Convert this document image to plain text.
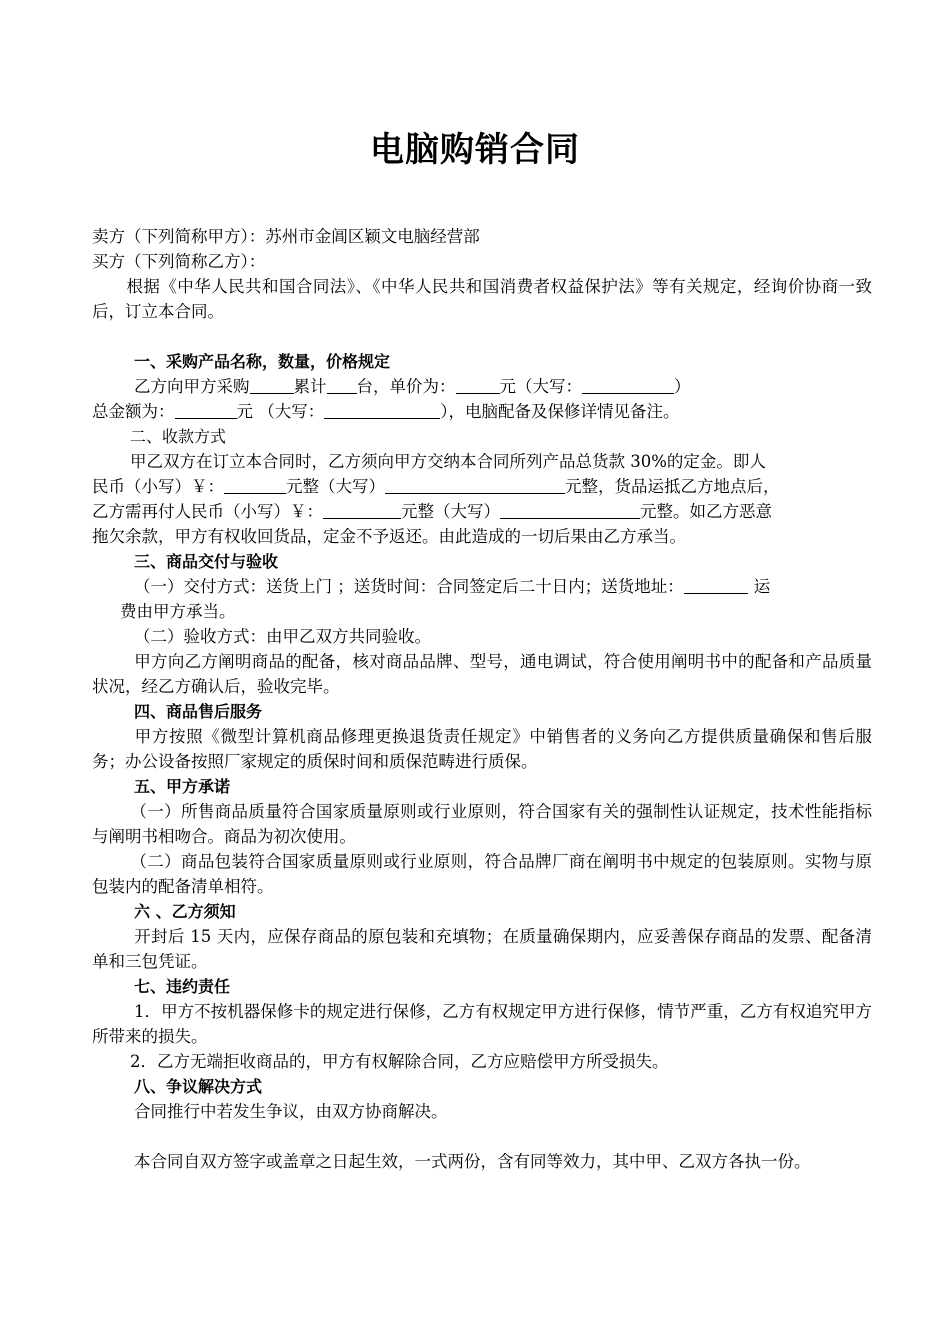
电脑购销合同
卖方（下列简称甲方）：苏州市金阊区颖文电脑经营部
买方（下列简称乙方）：
根据《中华人民共和国合同法》、《中华人民共和国消费者权益保护法》等有关规定，经询价协商一致后，订立本合同。
一、采购产品名称，数量，价格规定
乙方向甲方采购	累计 台，单价为：	元（大写：	）
总金额为：	元 （大写：	），电脑配备及保修详情见备注。
二、收款方式
甲乙双方在订立本合同时，乙方须向甲方交纳本合同所列产品总货款 30%的定金。即人
民币（小写）￥：	元整（大写）	元整，货品运抵乙方地点后，
乙方需再付人民币（小写）￥：	元整（大写）	元整。如乙方恶意
拖欠余款，甲方有权收回货品，定金不予返还。由此造成的一切后果由乙方承当。
三、商品交付与验收
（一）交付方式：送货上门 ；送货时间：合同签定后二十日内；送货地址：	运
费由甲方承当。
（二）验收方式：由甲乙双方共同验收。
甲方向乙方阐明商品的配备，核对商品品牌、型号，通电调试，符合使用阐明书中的配备和产品质量状况，经乙方确认后，验收完毕。
四、商品售后服务
甲方按照《微型计算机商品修理更换退货责任规定》中销售者的义务向乙方提供质量确保和售后服务；办公设备按照厂家规定的质保时间和质保范畴进行质保。
五、甲方承诺
（一）所售商品质量符合国家质量原则或行业原则，符合国家有关的强制性认证规定，技术性能指标与阐明书相吻合。商品为初次使用。
（二）商品包装符合国家质量原则或行业原则，符合品牌厂商在阐明书中规定的包装原则。实物与原包装内的配备清单相符。
六 、乙方须知
开封后 15 天内，应保存商品的原包装和充填物；在质量确保期内，应妥善保存商品的发票、配备清单和三包凭证。
七、违约责任
1．甲方不按机器保修卡的规定进行保修，乙方有权规定甲方进行保修，情节严重，乙方有权追究甲方所带来的损失。
2．乙方无端拒收商品的，甲方有权解除合同，乙方应赔偿甲方所受损失。
八、争议解决方式
合同推行中若发生争议，由双方协商解决。
本合同自双方签字或盖章之日起生效，一式两份，含有同等效力，其中甲、乙双方各执一份。
